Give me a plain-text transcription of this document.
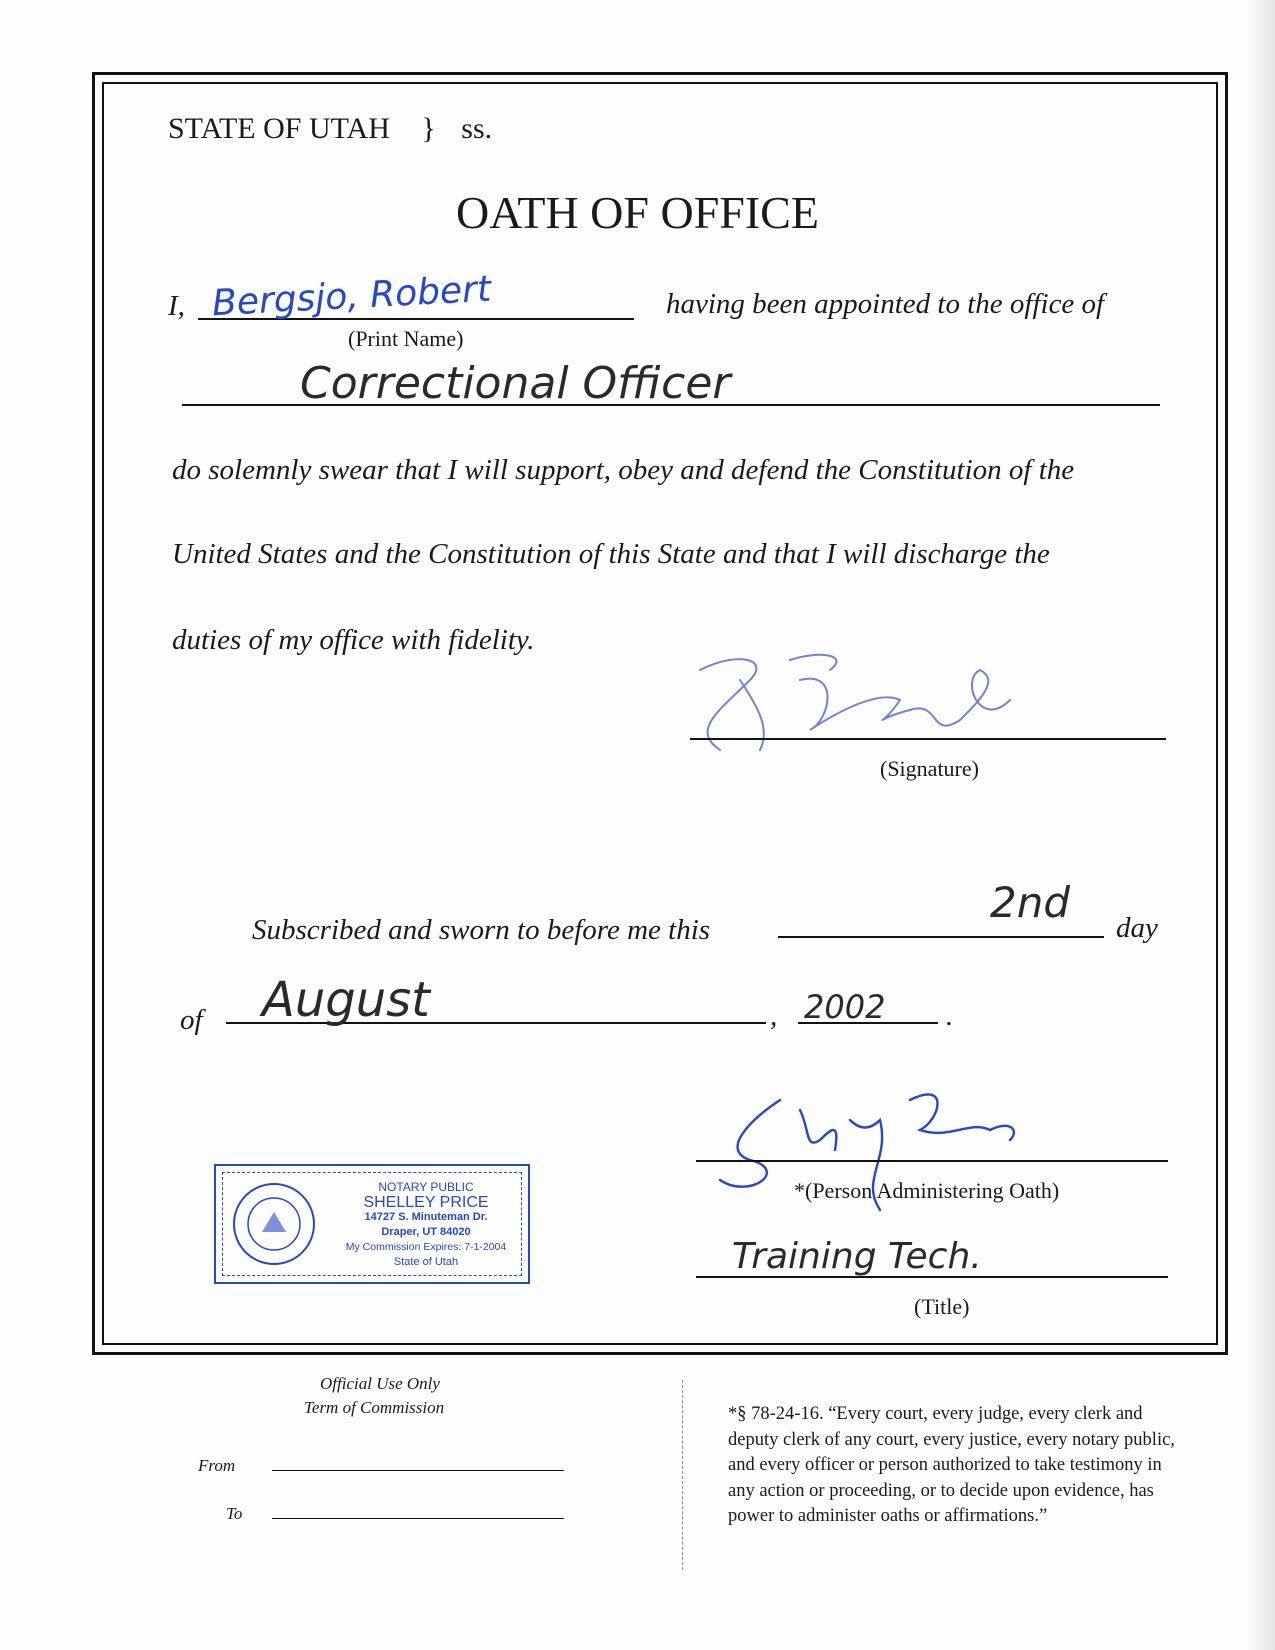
STATE OF UTAH } ss.
OATH OF OFFICE
I, Bergsjo, Robert
(Print Name)
having been appointed to the office of
Correctional Officer
do solemnly swear that I will support, obey and defend the Constitution of the
United States and the Constitution of this State and that I will discharge the
duties of my office with fidelity.
(Signature)
Subscribed and sworn to before me this
2nd
day
of August	, 2002 .
NOTARY PUBLIC
SHELLEY PRICE
14727 S. Minuteman Dr.
Draper, UT 84020
My Commission Expires: 7-1-2004
State of Utah
*(Person Administering Oath)
Training Tech.
(Title)
Official Use Only
Term of Commission
From
To
*§ 78-24-16. “Every court, every judge, every clerk and
deputy clerk of any court, every justice, every notary public,
and every officer or person authorized to take testimony in
any action or proceeding, or to decide upon evidence, has
power to administer oaths or affirmations.”
